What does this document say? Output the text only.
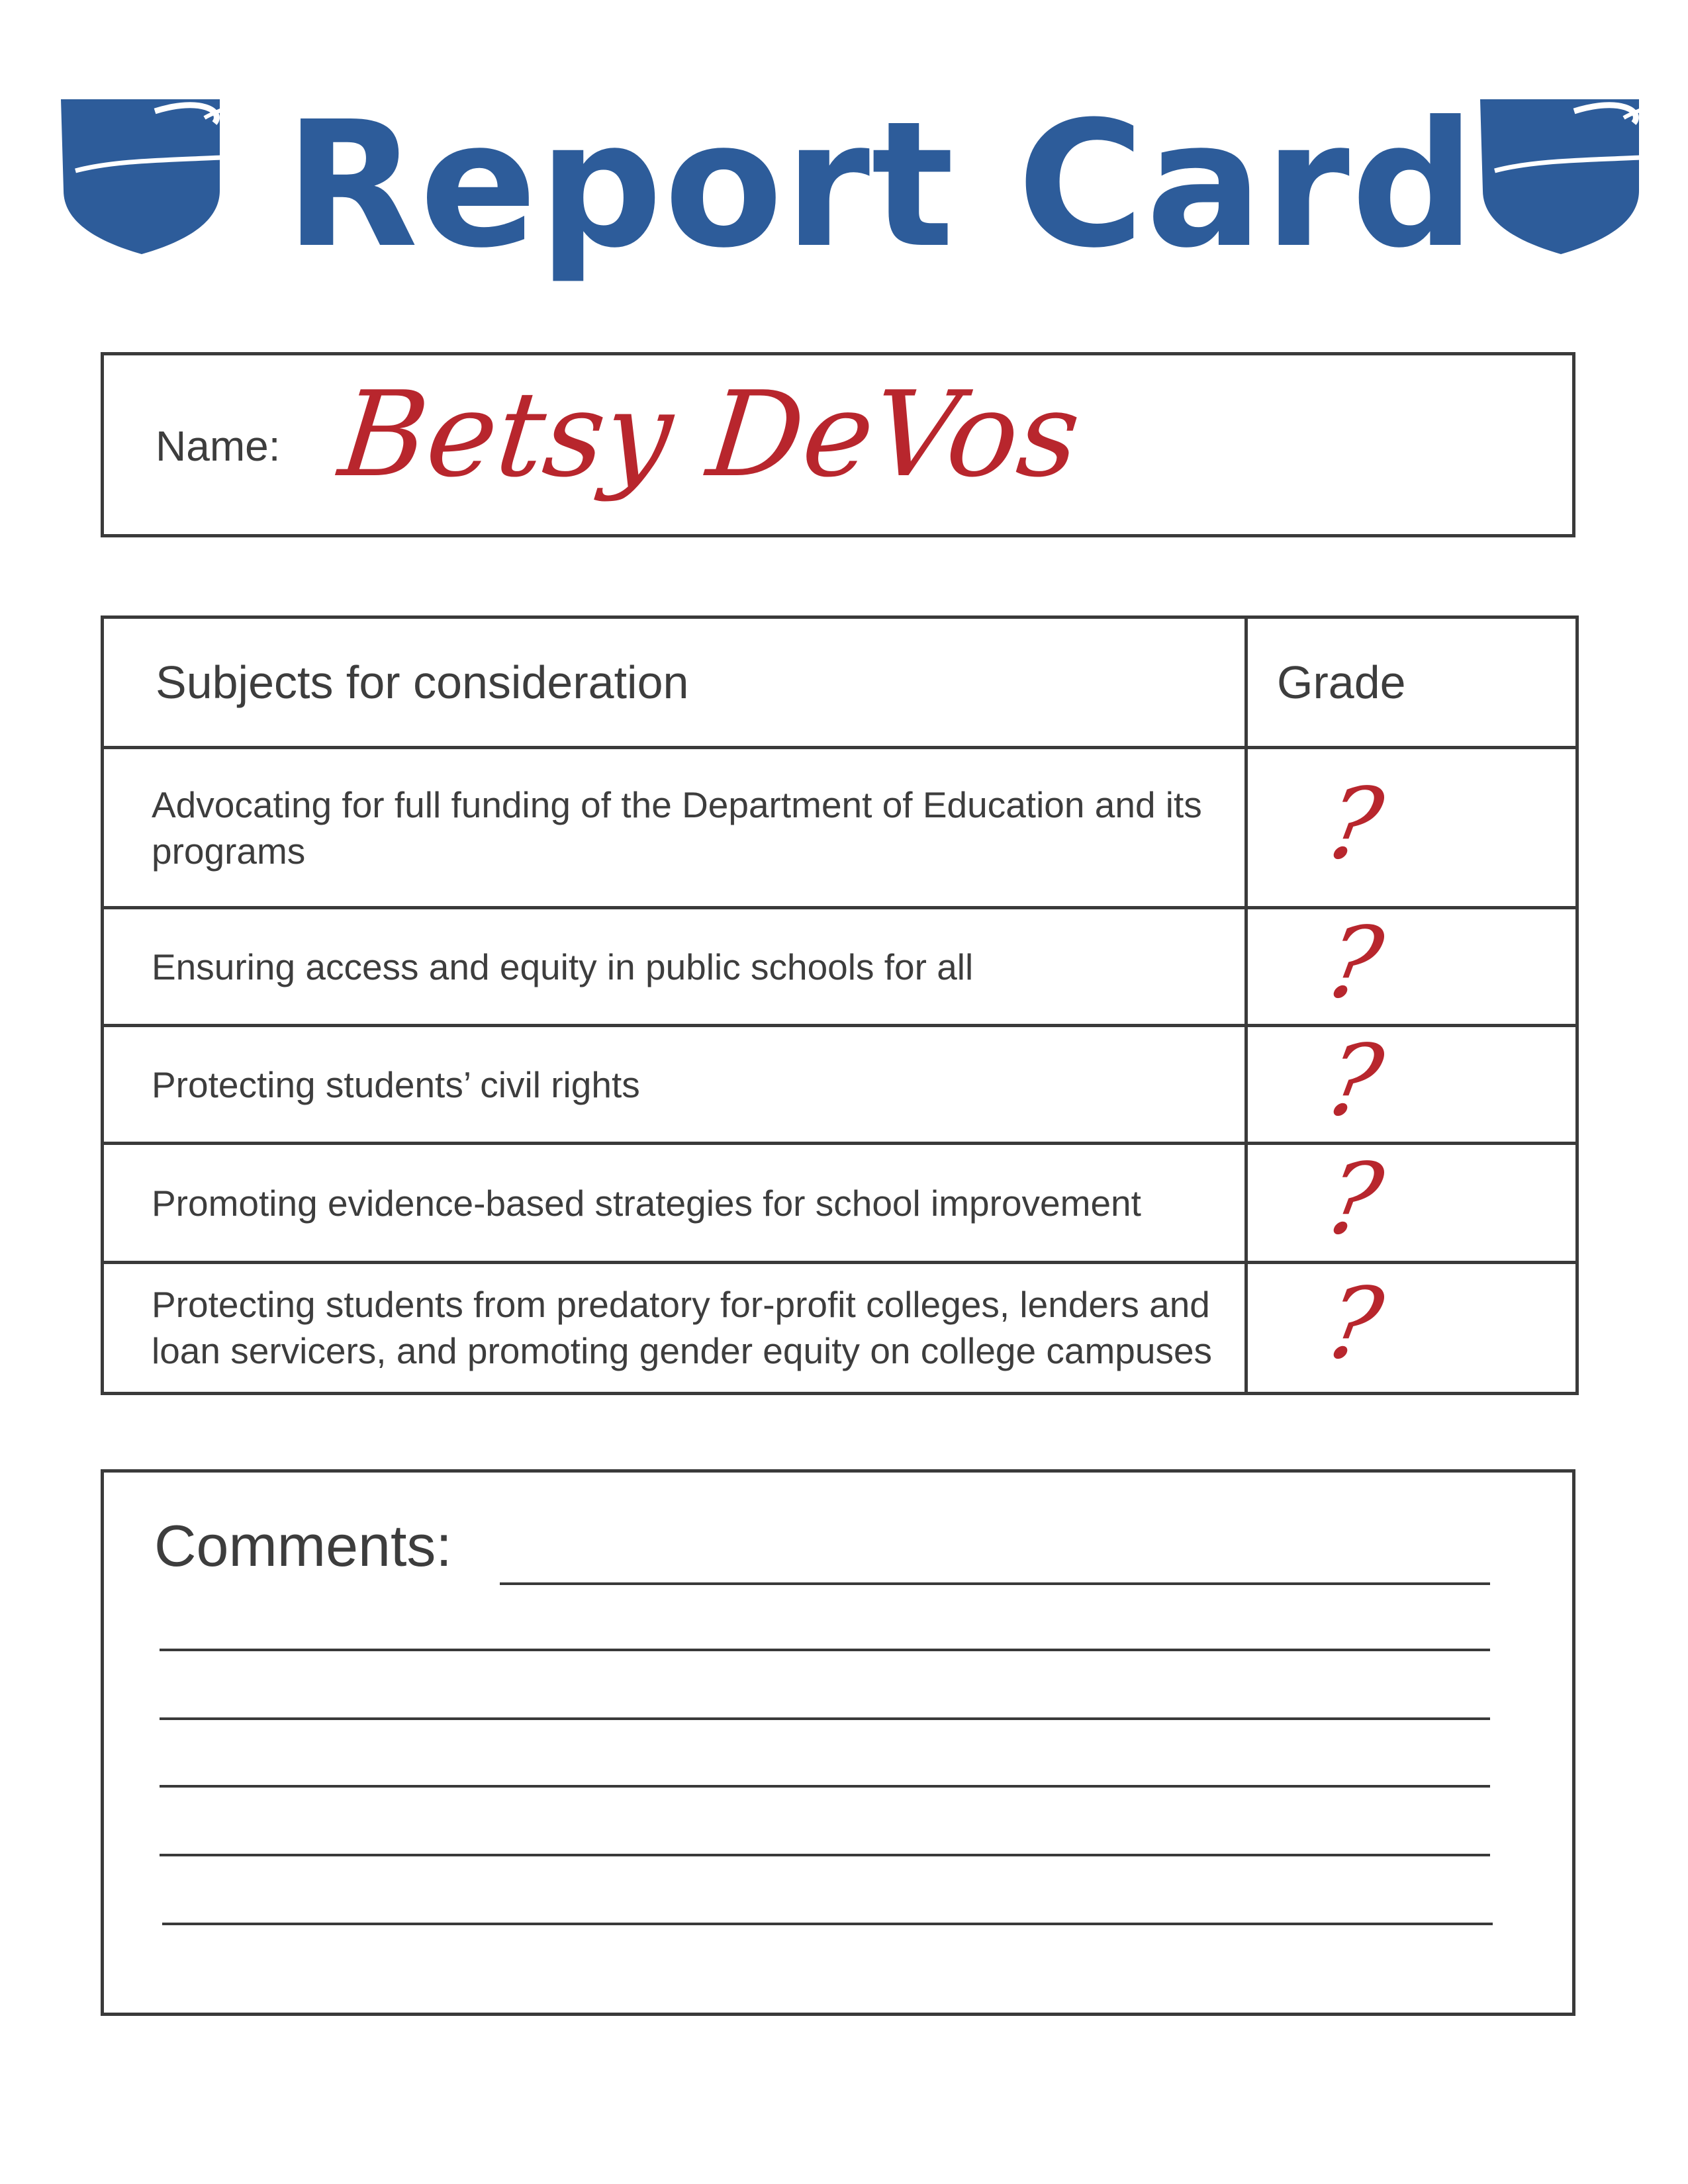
Report Card
Name: Betsy DeVos
Subjects for consideration	Grade
Advocating for full funding of the Department of Education and its programs	?
Ensuring access and equity in public schools for all	?
Protecting students’ civil rights	?
Promoting evidence-based strategies for school improvement	?
Protecting students from predatory for-profit colleges, lenders and loan servicers, and promoting gender equity on college campuses	?
Comments:
